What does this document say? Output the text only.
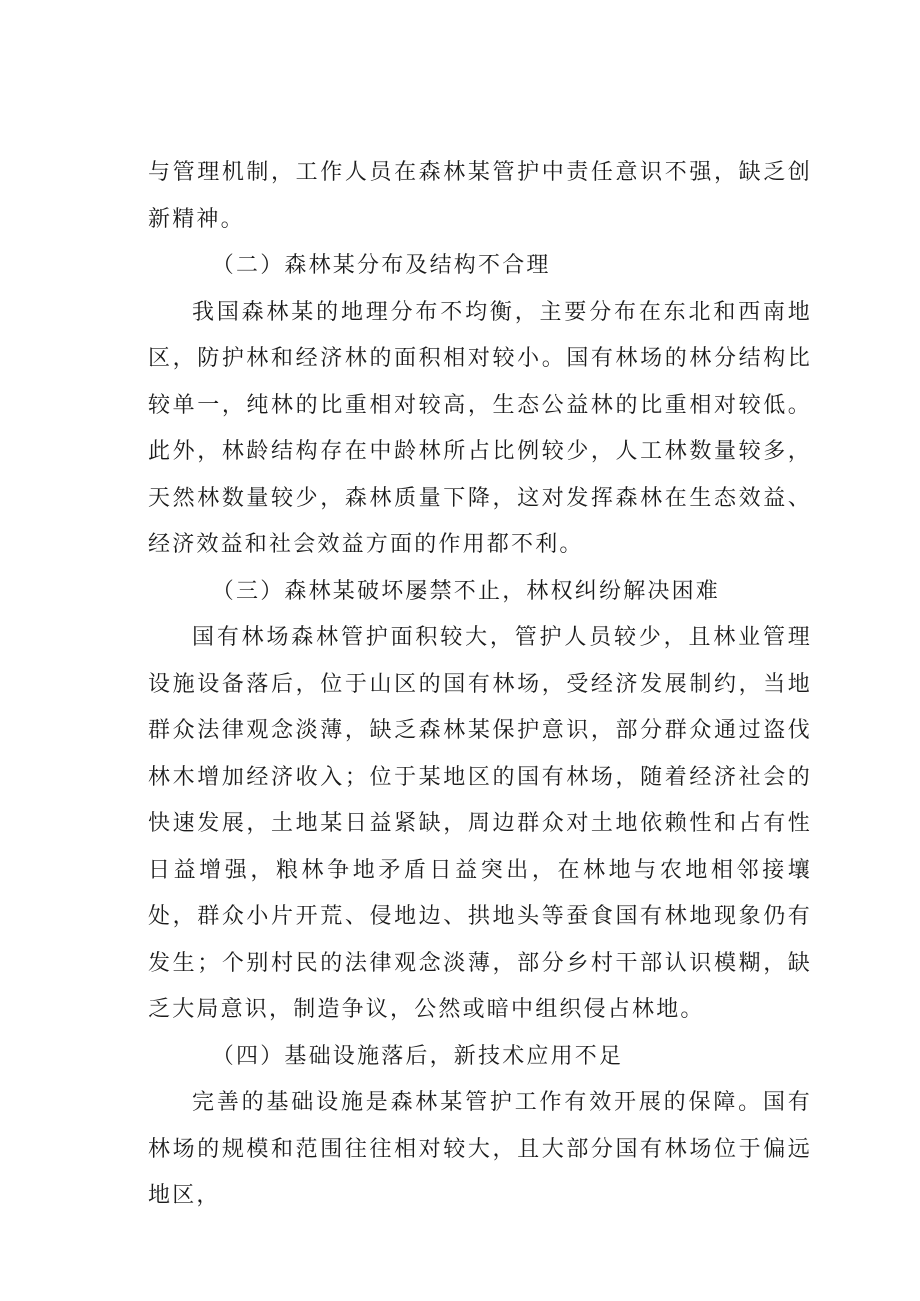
与管理机制，工作人员在森林某管护中责任意识不强，缺乏创新精神。

（二）森林某分布及结构不合理

我国森林某的地理分布不均衡，主要分布在东北和西南地区，防护林和经济林的面积相对较小。国有林场的林分结构比较单一，纯林的比重相对较高，生态公益林的比重相对较低。此外，林龄结构存在中龄林所占比例较少，人工林数量较多，天然林数量较少，森林质量下降，这对发挥森林在生态效益、经济效益和社会效益方面的作用都不利。

（三）森林某破坏屡禁不止，林权纠纷解决困难

国有林场森林管护面积较大，管护人员较少，且林业管理设施设备落后，位于山区的国有林场，受经济发展制约，当地群众法律观念淡薄，缺乏森林某保护意识，部分群众通过盗伐林木增加经济收入；位于某地区的国有林场，随着经济社会的快速发展，土地某日益紧缺，周边群众对土地依赖性和占有性日益增强，粮林争地矛盾日益突出，在林地与农地相邻接壤处，群众小片开荒、侵地边、拱地头等蚕食国有林地现象仍有发生；个别村民的法律观念淡薄，部分乡村干部认识模糊，缺乏大局意识，制造争议，公然或暗中组织侵占林地。

（四）基础设施落后，新技术应用不足

完善的基础设施是森林某管护工作有效开展的保障。国有林场的规模和范围往往相对较大，且大部分国有林场位于偏远地区，
